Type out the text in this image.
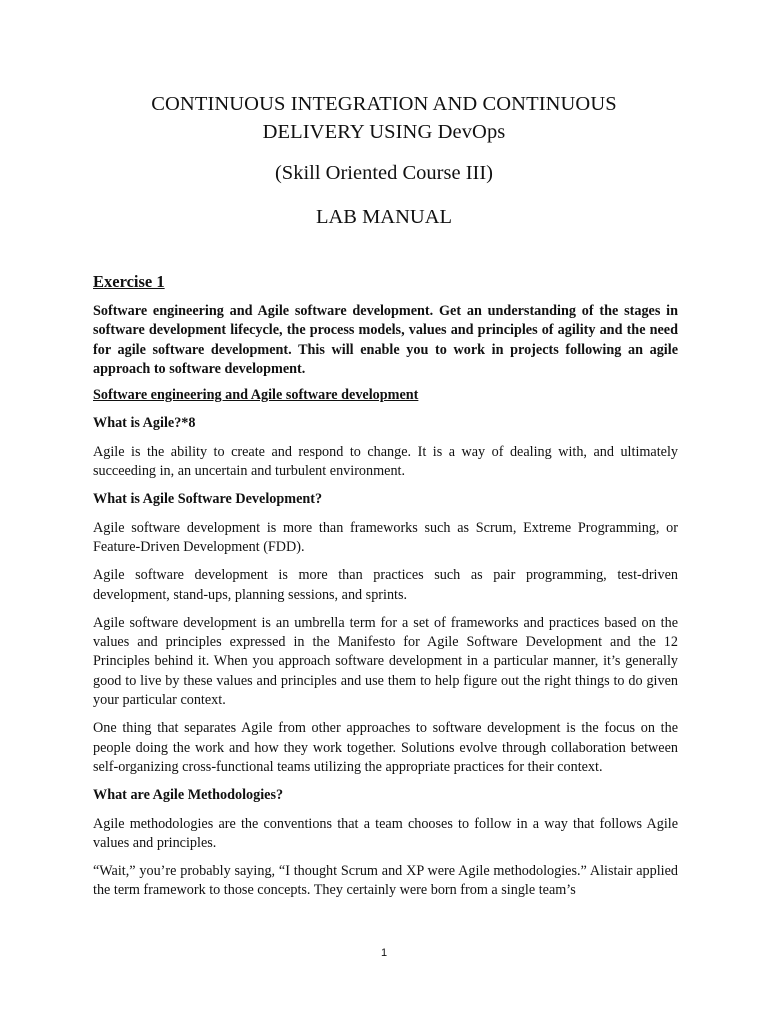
CONTINUOUS INTEGRATION AND CONTINUOUS

DELIVERY USING DevOps

(Skill Oriented Course III)

LAB MANUAL

Exercise 1

Software engineering and Agile software development. Get an understanding of the stages in software development lifecycle, the process models, values and principles of agility and the need for agile software development. This will enable you to work in projects following an agile approach to software development.

Software engineering and Agile software development

What is Agile?*8

Agile is the ability to create and respond to change. It is a way of dealing with, and ultimately succeeding in, an uncertain and turbulent environment.

What is Agile Software Development?

Agile software development is more than frameworks such as Scrum, Extreme Programming, or Feature-Driven Development (FDD).

Agile software development is more than practices such as pair programming, test-driven development, stand-ups, planning sessions, and sprints.

Agile software development is an umbrella term for a set of frameworks and practices based on the values and principles expressed in the Manifesto for Agile Software Development and the 12 Principles behind it. When you approach software development in a particular manner, it’s generally good to live by these values and principles and use them to help figure out the right things to do given your particular context.

One thing that separates Agile from other approaches to software development is the focus on the people doing the work and how they work together. Solutions evolve through collaboration between self-organizing cross-functional teams utilizing the appropriate practices for their context.

What are Agile Methodologies?

Agile methodologies are the conventions that a team chooses to follow in a way that follows Agile values and principles.

“Wait,” you’re probably saying, “I thought Scrum and XP were Agile methodologies.” Alistair applied the term framework to those concepts. They certainly were born from a single team’s

1
